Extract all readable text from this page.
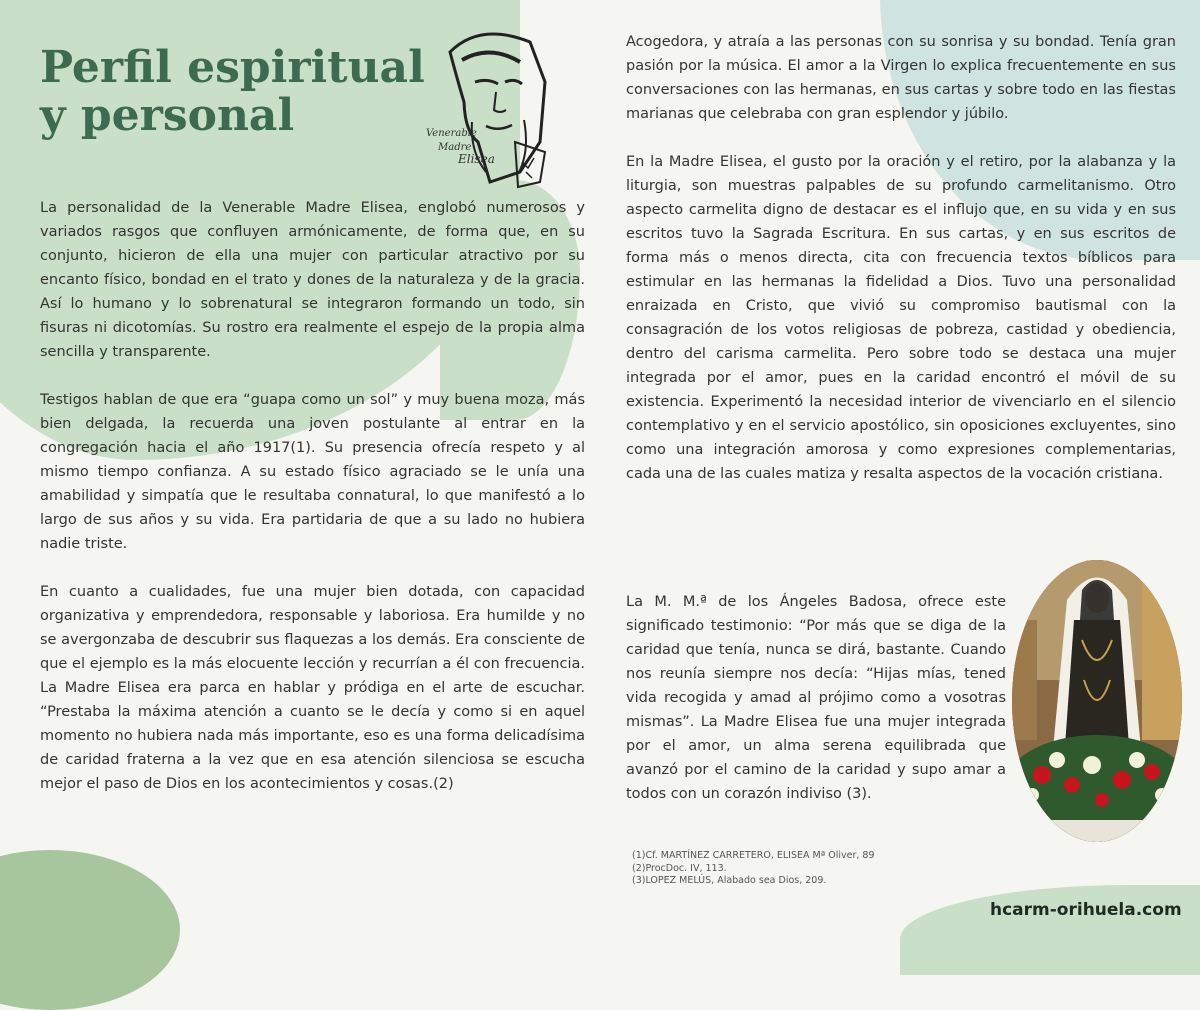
Perfil espiritual
y personal	Venerable
Madre
Elisea

La personalidad de la Venerable Madre Elisea, englobó numerosos y variados rasgos que confluyen armónicamente, de forma que, en su conjunto, hicieron de ella una mujer con particular atractivo por su encanto físico, bondad en el trato y dones de la naturaleza y de la gracia. Así lo humano y lo sobrenatural se integraron formando un todo, sin fisuras ni dicotomías. Su rostro era realmente el espejo de la propia alma sencilla y transparente.

Testigos hablan de que era “guapa como un sol” y muy buena moza, más bien delgada, la recuerda una joven postulante al entrar en la congregación hacia el año 1917(1). Su presencia ofrecía respeto y al mismo tiempo confianza. A su estado físico agraciado se le unía una amabilidad y simpatía que le resultaba connatural, lo que manifestó a lo largo de sus años y su vida. Era partidaria de que a su lado no hubiera nadie triste.

En cuanto a cualidades, fue una mujer bien dotada, con capacidad organizativa y emprendedora, responsable y laboriosa. Era humilde y no se avergonzaba de descubrir sus flaquezas a los demás. Era consciente de que el ejemplo es la más elocuente lección y recurrían a él con frecuencia. La Madre Elisea era parca en hablar y pródiga en el arte de escuchar. “Prestaba la máxima atención a cuanto se le decía y como si en aquel momento no hubiera nada más importante, eso es una forma delicadísima de caridad fraterna a la vez que en esa atención silenciosa se escucha mejor el paso de Dios en los acontecimientos y cosas.(2)

Acogedora, y atraía a las personas con su sonrisa y su bondad. Tenía gran pasión por la música. El amor a la Virgen lo explica frecuentemente en sus conversaciones con las hermanas, en sus cartas y sobre todo en las fiestas marianas que celebraba con gran esplendor y júbilo.

En la Madre Elisea, el gusto por la oración y el retiro, por la alabanza y la liturgia, son muestras palpables de su profundo carmelitanismo. Otro aspecto carmelita digno de destacar es el influjo que, en su vida y en sus escritos tuvo la Sagrada Escritura. En sus cartas, y en sus escritos de forma más o menos directa, cita con frecuencia textos bíblicos para estimular en las hermanas la fidelidad a Dios. Tuvo una personalidad enraizada en Cristo, que vivió su compromiso bautismal con la consagración de los votos religiosas de pobreza, castidad y obediencia, dentro del carisma carmelita. Pero sobre todo se destaca una mujer integrada por el amor, pues en la caridad encontró el móvil de su existencia. Experimentó la necesidad interior de vivenciarlo en el silencio contemplativo y en el servicio apostólico, sin oposiciones excluyentes, sino como una integración amorosa y como expresiones complementarias, cada una de las cuales matiza y resalta aspectos de la vocación cristiana.

La M. M.ª de los Ángeles Badosa, ofrece este significado testimonio: “Por más que se diga de la caridad que tenía, nunca se dirá, bastante. Cuando nos reunía siempre nos decía: “Hijas mías, tened vida recogida y amad al prójimo como a vosotras mismas”. La Madre Elisea fue una mujer integrada por el amor, un alma serena equilibrada que avanzó por el camino de la caridad y supo amar a todos con un corazón indiviso (3).
(1)Cf. MARTÍNEZ CARRETERO, ELISEA Mª Oliver, 89
(2)ProcDoc. IV, 113.
(3)LOPEZ MELÚS, Alabado sea Dios, 209.
hcarm-orihuela.com
